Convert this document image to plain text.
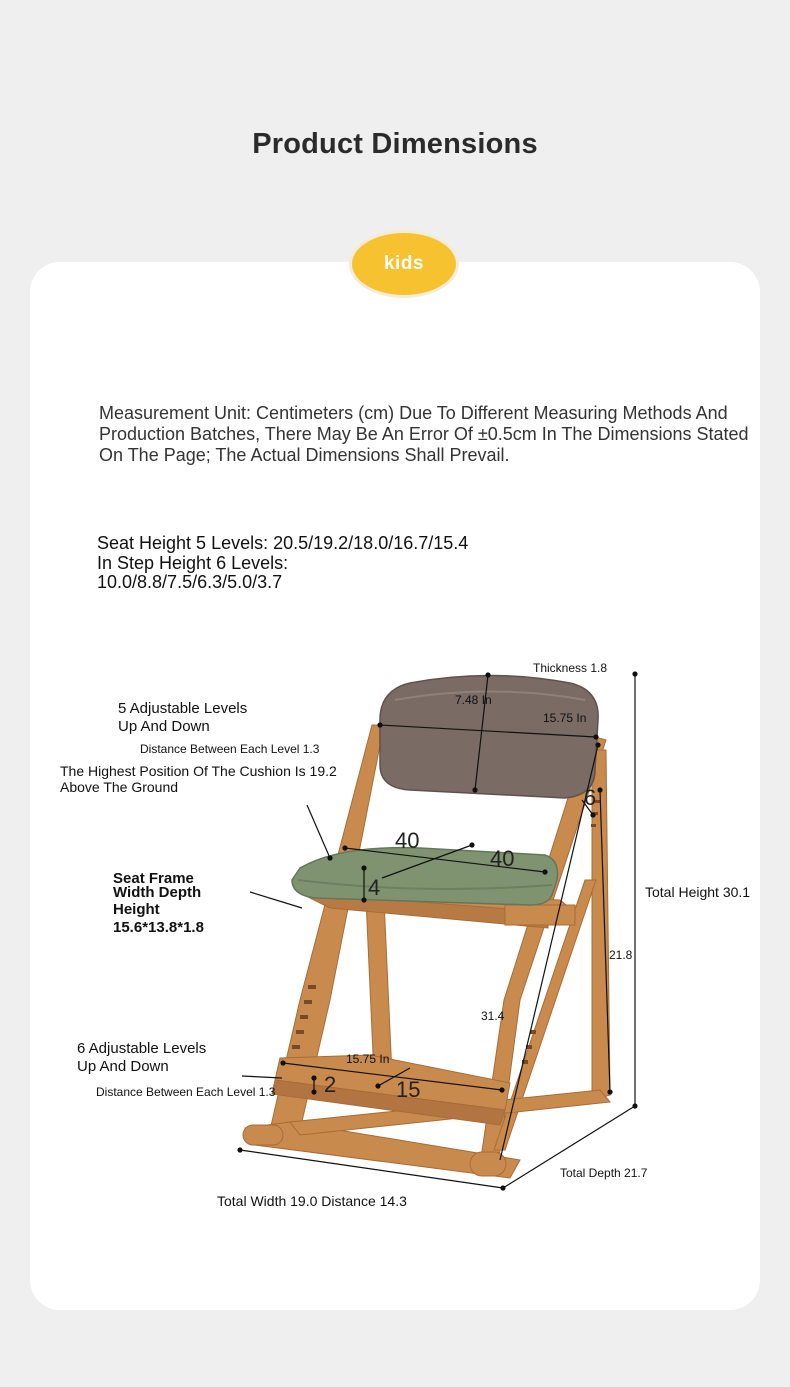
Product Dimensions
kids
Measurement Unit: Centimeters (cm) Due To Different Measuring Methods And Production Batches, There May Be An Error Of ±0.5cm In The Dimensions Stated On The Page; The Actual Dimensions Shall Prevail.
Seat Height 5 Levels: 20.5/19.2/18.0/16.7/15.4
In Step Height 6 Levels:
10.0/8.8/7.5/6.3/5.0/3.7
Thickness 1.8
7.48 In
15.75 In
5 Adjustable Levels
Up And Down
Distance Between Each Level 1.3
The Highest Position Of The Cushion Is 19.2
Above The Ground	6
40
40
4
Seat Frame
Width Depth
Height
15.6*13.8*1.8
Total Height 30.1
21.8
31.4
6 Adjustable Levels
Up And Down
Distance Between Each Level 1.3
15.75 In
2	15
Total Width 19.0 Distance 14.3
Total Depth 21.7
